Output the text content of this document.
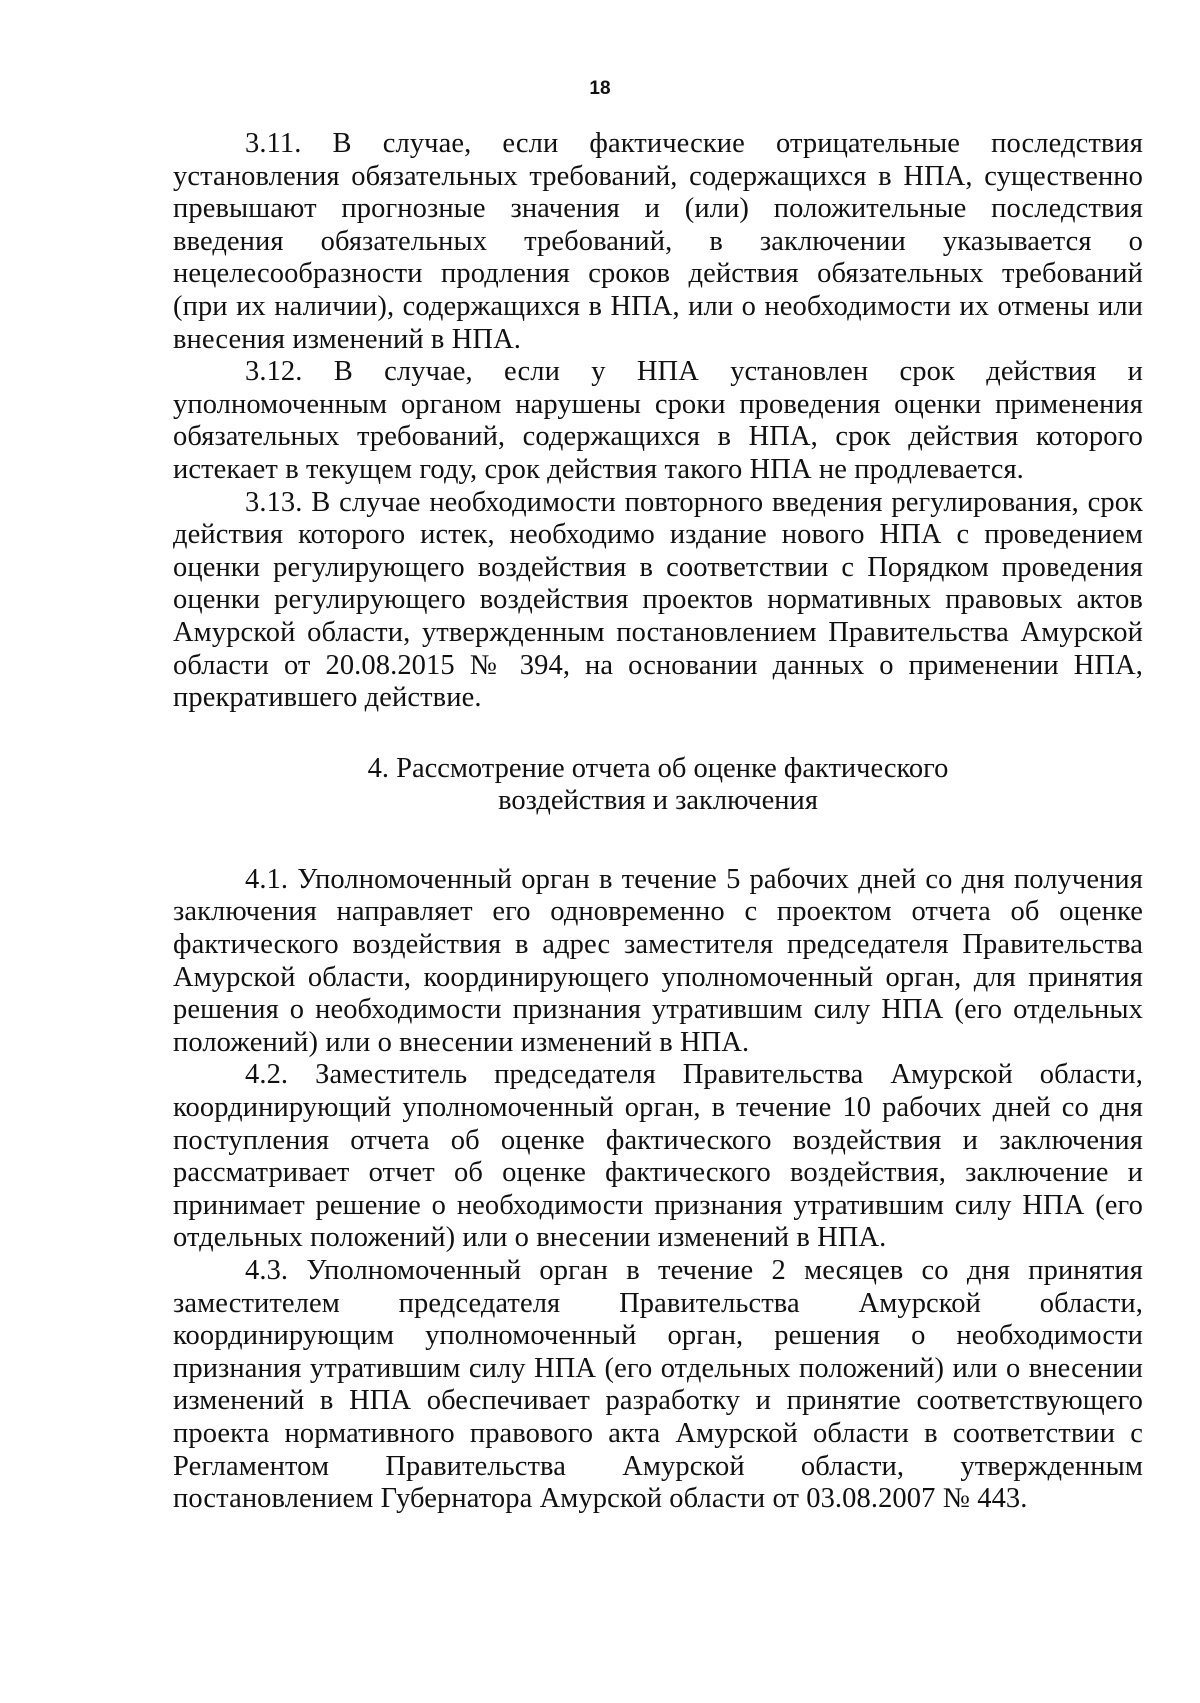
18

3.11. В случае, если фактические отрицательные последствия установления обязательных требований, содержащихся в НПА, существенно превышают прогнозные значения и (или) положительные последствия введения обязательных требований, в заключении указывается о нецелесообразности продления сроков действия обязательных требований (при их наличии), содержащихся в НПА, или о необходимости их отмены или внесения изменений в НПА.

3.12. В случае, если у НПА установлен срок действия и уполномоченным органом нарушены сроки проведения оценки применения обязательных требований, содержащихся в НПА, срок действия которого истекает в текущем году, срок действия такого НПА не продлевается.

3.13. В случае необходимости повторного введения регулирования, срок действия которого истек, необходимо издание нового НПА с проведением оценки регулирующего воздействия в соответствии с Порядком проведения оценки регулирующего воздействия проектов нормативных правовых актов Амурской области, утвержденным постановлением Правительства Амурской области от 20.08.2015 № 394, на основании данных о применении НПА, прекратившего действие.

4. Рассмотрение отчета об оценке фактического

воздействия и заключения

4.1. Уполномоченный орган в течение 5 рабочих дней со дня получения заключения направляет его одновременно с проектом отчета об оценке фактического воздействия в адрес заместителя председателя Правительства Амурской области, координирующего уполномоченный орган, для принятия решения о необходимости признания утратившим силу НПА (его отдельных положений) или о внесении изменений в НПА.

4.2. Заместитель председателя Правительства Амурской области, координирующий уполномоченный орган, в течение 10 рабочих дней со дня поступления отчета об оценке фактического воздействия и заключения рассматривает отчет об оценке фактического воздействия, заключение и принимает решение о необходимости признания утратившим силу НПА (его отдельных положений) или о внесении изменений в НПА.

4.3. Уполномоченный орган в течение 2 месяцев со дня принятия заместителем председателя Правительства Амурской области, координирующим уполномоченный орган, решения о необходимости признания утратившим силу НПА (его отдельных положений) или о внесении изменений в НПА обеспечивает разработку и принятие соответствующего проекта нормативного правового акта Амурской области в соответствии с Регламентом Правительства Амурской области, утвержденным постановлением Губернатора Амурской области от 03.08.2007 № 443.
